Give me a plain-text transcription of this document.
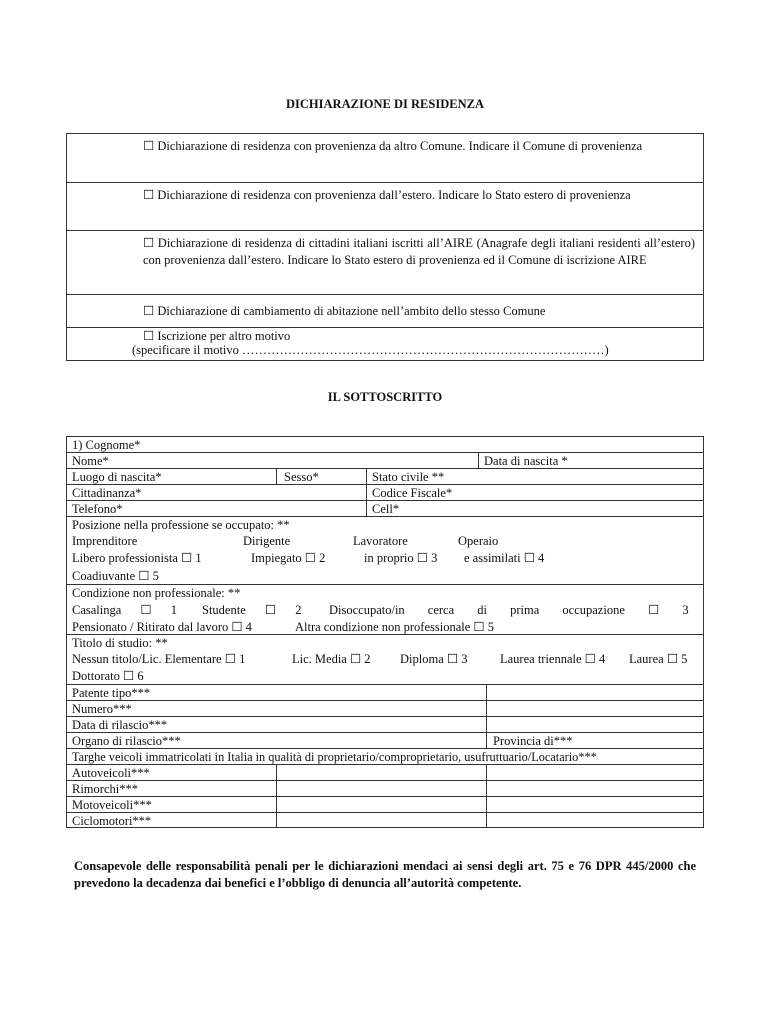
DICHIARAZIONE DI RESIDENZA
☐ Dichiarazione di residenza con provenienza da altro Comune. Indicare il Comune di provenienza
☐ Dichiarazione di residenza con provenienza dall’estero. Indicare lo Stato estero di provenienza
☐ Dichiarazione di residenza di cittadini italiani iscritti all’AIRE (Anagrafe degli italiani residenti all’estero) con provenienza dall’estero. Indicare lo Stato estero di provenienza ed il Comune di iscrizione AIRE
☐ Dichiarazione di cambiamento di abitazione nell’ambito dello stesso Comune
☐ Iscrizione per altro motivo
(specificare il motivo ……………………………………………………………………………)
IL SOTTOSCRITTO
1) Cognome*
Nome*	Data di nascita *
Luogo di nascita*	Sesso*	Stato civile **
Cittadinanza*	Codice Fiscale*
Telefono*	Cell*
Posizione nella professione se occupato: **
Imprenditore	Dirigente	Lavoratore	Operaio
Libero professionista ☐ 1	Impiegato ☐ 2	in proprio ☐ 3 e assimilati ☐ 4
Coadiuvante ☐ 5
Condizione non professionale: **
Casalinga ☐ 1 Studente ☐ 2 Disoccupato/in cerca di prima occupazione ☐ 3
Pensionato / Ritirato dal lavoro ☐ 4	Altra condizione non professionale ☐ 5
Titolo di studio: **
Nessun titolo/Lic. Elementare ☐ 1	Lic. Media ☐ 2 Diploma ☐ 3	Laurea triennale ☐ 4 Laurea ☐ 5
Dottorato ☐ 6
Patente tipo***
Numero***
Data di rilascio***
Organo di rilascio***	Provincia di***
Targhe veicoli immatricolati in Italia in qualità di proprietario/comproprietario, usufruttuario/Locatario***
Autoveicoli***
Rimorchi***
Motoveicoli***
Ciclomotori***
Consapevole delle responsabilità penali per le dichiarazioni mendaci ai sensi degli art. 75 e 76 DPR 445/2000 che prevedono la decadenza dai benefici e l’obbligo di denuncia all’autorità competente.
